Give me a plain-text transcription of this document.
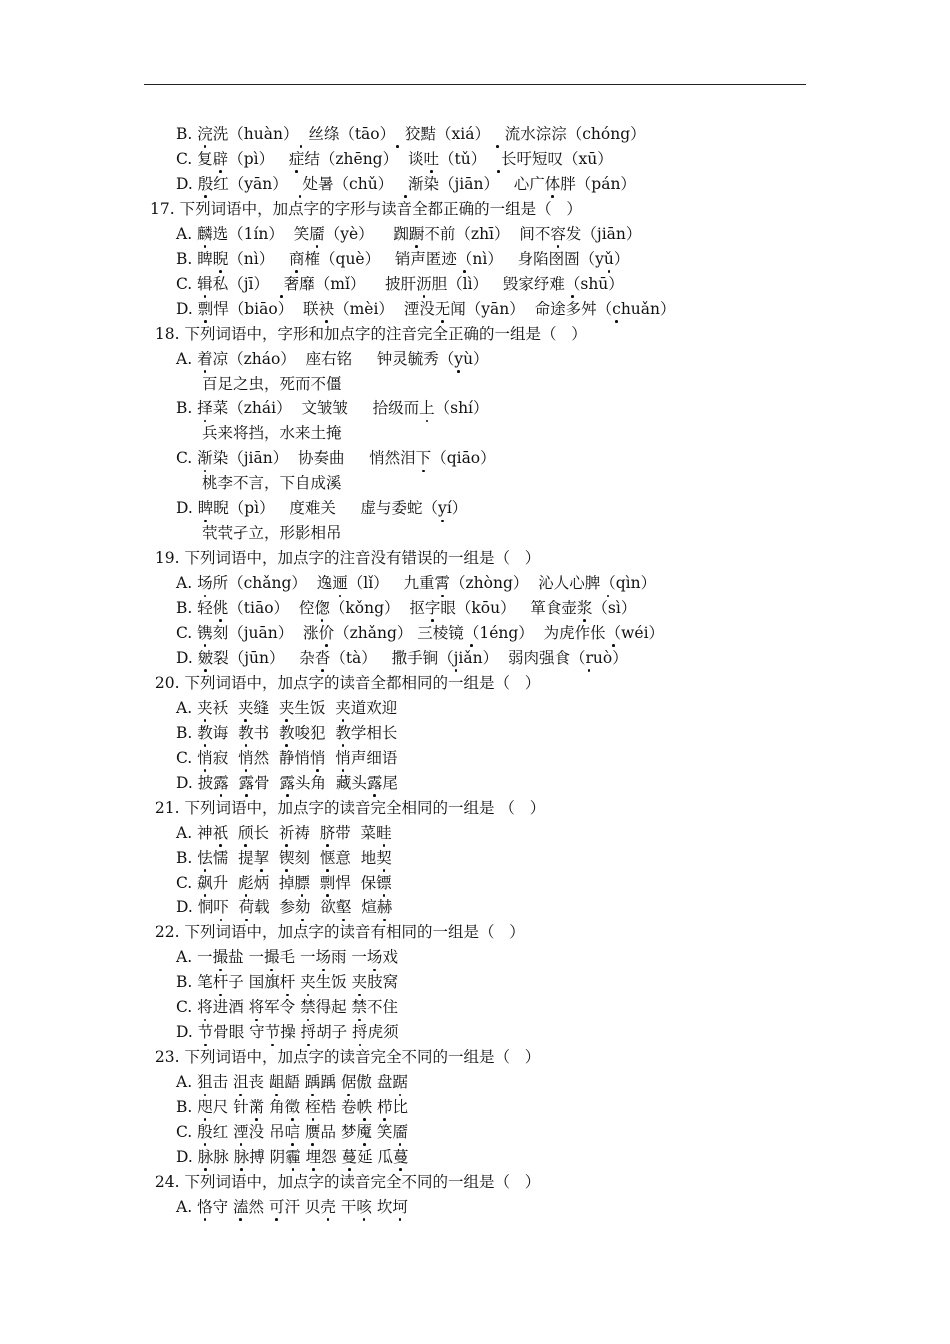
B. 浣洗（huàn）  丝绦（tāo）  狡黠（xiá）   流水淙淙（chóng）
C. 复辟（pì）   症结（zhēng）  谈吐（tǔ）   长吁短叹（xū）
D. 殷红（yān）   处暑（chǔ）   渐染（jiān）   心广体胖（pán）
17. 下列词语中，加点字的字形与读音全都正确的一组是（   ）
A. 麟选（1ín）  笑靥（yè）    踟蹰不前（zhī）  间不容发（jiān）
B. 睥睨（nì）   商榷（què）   销声匿迹（nì）   身陷囹圄（yǔ）
C. 辑私（jī）   奢靡（mǐ）    披肝沥胆（lì）   毁家纾难（shū）
D. 剽悍（biāo）  联袂（mèi）  湮没无闻（yān）  命途多舛（chuǎn）
18. 下列词语中，字形和加点字的注音完全正确的一组是（   ）
A. 着凉（zháo）  座右铭     钟灵毓秀（yù）
百足之虫，死而不僵
B. 择菜（zhái）  文皱皱     拾级而上（shí）
兵来将挡，水来土掩
C. 渐染（jiān）  协奏曲     悄然泪下（qiāo）
桃李不言，下自成溪
D. 睥睨（pì）   度难关     虚与委蛇（yí）
茕茕孑立，形影相吊
19. 下列词语中，加点字的注音没有错误的一组是（   ）
A. 场所（chǎng）  逸逦（lǐ）   九重霄（zhòng）  沁人心脾（qìn）
B. 轻佻（tiāo）  倥偬（kǒng）  抠字眼（kōu）   箪食壶浆（sì）
C. 镌刻（juān）  涨价（zhǎng） 三棱镜（1éng）  为虎作伥（wéi）
D. 皴裂（jūn）   杂沓（tà）   撒手锏（jiǎn）  弱肉强食（ruò）
20. 下列词语中，加点字的读音全都相同的一组是（   ）
A. 夹袄  夹缝  夹生饭  夹道欢迎
B. 教诲  教书  教唆犯  教学相长
C. 悄寂  悄然  静悄悄 悄声细语
D. 披露 露骨  露头角  藏头露尾
21. 下列词语中，加点字的读音完全相同的一组是 （   ）
A. 神祇 颀长  祈祷  脐带  菜畦
B. 怯懦  提挈 锲刻  惬意  地契
C. 飙升  彪炳  掉膘 剽悍  保镖
D. 恫吓 荷载  参劾  欲壑  煊赫
22. 下列词语中，加点字的读音有相同的一组是（   ）
A. 一撮盐 一撮毛 一场雨 一场戏
B. 笔杆子 国旗杆 夹生饭 夹肢窝
C. 将进酒 将军令 禁得起 禁不住
D. 节骨眼 守节操 捋胡子 捋虎须
23. 下列词语中，加点字的读音完全不同的一组是（   ）
A. 狙击 沮丧 龃龉 踽踽 倨傲 盘踞
B. 咫尺 针黹 角徵 桎梏 卷帙 栉比
C. 殷红 湮没 吊唁 赝品 梦魇 笑靥
D. 脉脉 脉搏 阴霾 埋怨 蔓延 瓜蔓
24. 下列词语中，加点字的读音完全不同的一组是（   ）
A. 恪守 溘然 可汗 贝壳 干咳 坎坷
